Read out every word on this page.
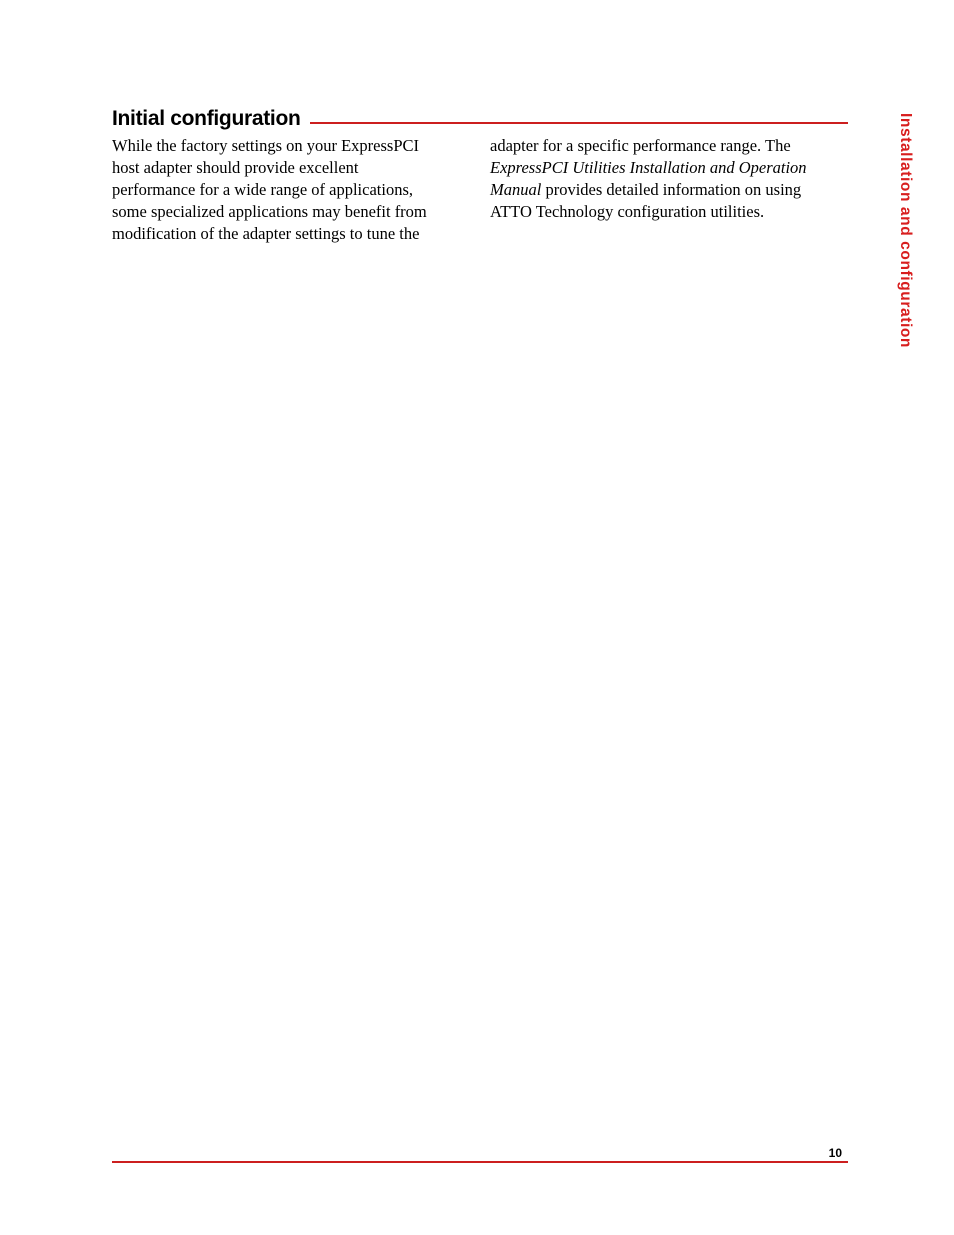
Initial configuration

While the factory settings on your ExpressPCI
host adapter should provide excellent
performance for a wide range of applications,
some specialized applications may benefit from
modification of the adapter settings to tune the

adapter for a specific performance range. The
ExpressPCI Utilities Installation and Operation
Manual provides detailed information on using
ATTO Technology configuration utilities.	Installation and configuration
10
